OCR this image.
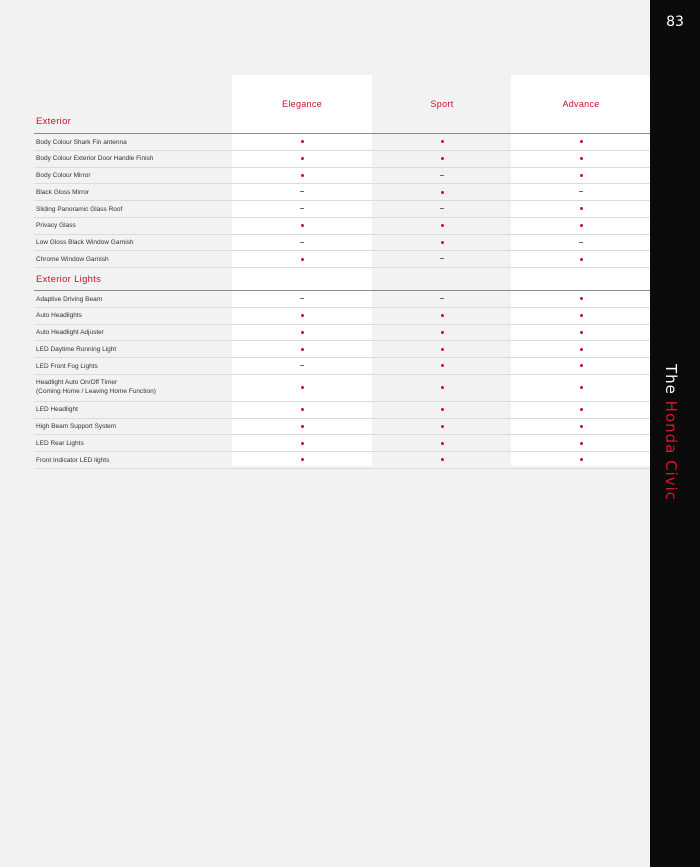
Elegance	Sport	Advance
Exterior
Body Colour Shark Fin antenna
Body Colour Exterior Door Handle Finish
Body Colour Mirror
Black Gloss Mirror
Sliding Panoramic Glass Roof
Privacy Glass
Low Gloss Black Window Garnish
Chrome Window Garnish
Exterior Lights
Adaptive Driving Beam
Auto Headlights
Auto Headlight Adjuster
LED Daytime Running Light
LED Front Fog Lights
Headlight Auto On/Off Timer
(Coming Home / Leaving Home Function)
LED Headlight
High Beam Support System
LED Rear Lights
Front Indicator LED lights
83
The Honda Civic
